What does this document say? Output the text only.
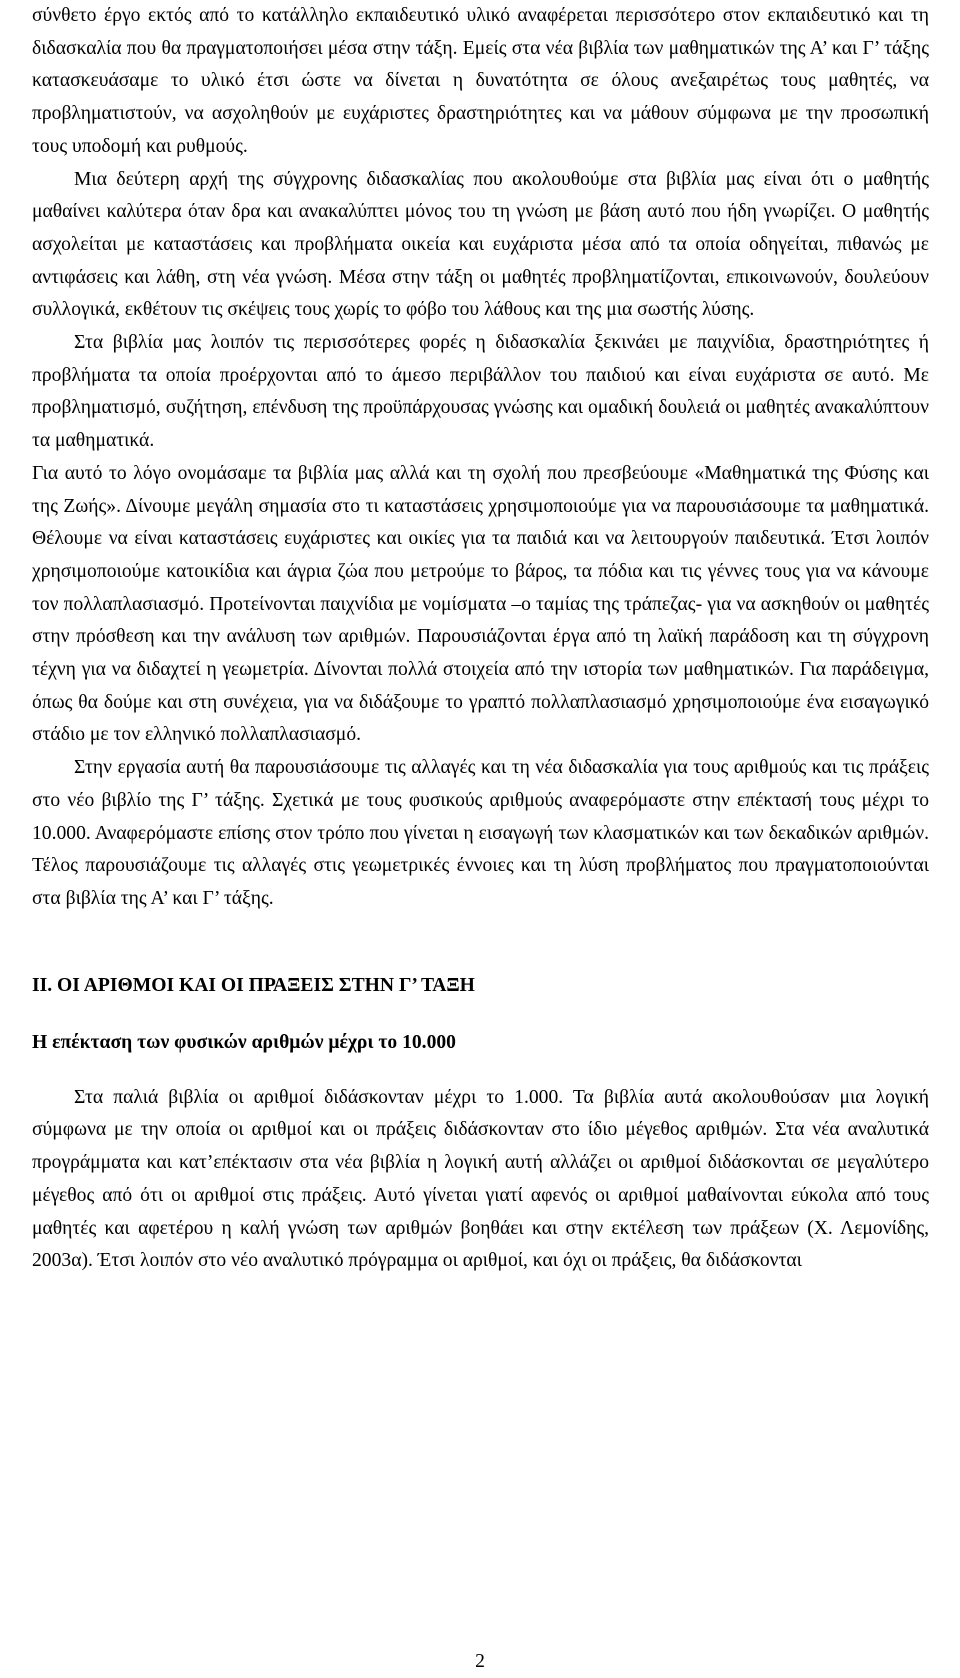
σύνθετο έργο εκτός από το κατάλληλο εκπαιδευτικό υλικό αναφέρεται περισσότερο στον εκπαιδευτικό και τη διδασκαλία που θα πραγματοποιήσει μέσα στην τάξη. Εμείς στα νέα βιβλία των μαθηματικών της Α’ και Γ’ τάξης κατασκευάσαμε το υλικό έτσι ώστε να δίνεται η δυνατότητα σε όλους ανεξαιρέτως τους μαθητές, να προβληματιστούν, να ασχοληθούν με ευχάριστες δραστηριότητες και να μάθουν σύμφωνα με την προσωπική τους υποδομή και ρυθμούς.

Μια δεύτερη αρχή της σύγχρονης διδασκαλίας που ακολουθούμε στα βιβλία μας είναι ότι ο μαθητής μαθαίνει καλύτερα όταν δρα και ανακαλύπτει μόνος του τη γνώση με βάση αυτό που ήδη γνωρίζει. Ο μαθητής ασχολείται με καταστάσεις και προβλήματα οικεία και ευχάριστα μέσα από τα οποία οδηγείται, πιθανώς με αντιφάσεις και λάθη, στη νέα γνώση. Μέσα στην τάξη οι μαθητές προβληματίζονται, επικοινωνούν, δουλεύουν συλλογικά, εκθέτουν τις σκέψεις τους χωρίς το φόβο του λάθους και της μια σωστής λύσης.

Στα βιβλία μας λοιπόν τις περισσότερες φορές η διδασκαλία ξεκινάει με παιχνίδια, δραστηριότητες ή προβλήματα τα οποία προέρχονται από το άμεσο περιβάλλον του παιδιού και είναι ευχάριστα σε αυτό. Με προβληματισμό, συζήτηση, επένδυση της προϋπάρχουσας γνώσης και ομαδική δουλειά οι μαθητές ανακαλύπτουν τα μαθηματικά.

Για αυτό το λόγο ονομάσαμε τα βιβλία μας αλλά και τη σχολή που πρεσβεύουμε «Μαθηματικά της Φύσης και της Ζωής». Δίνουμε μεγάλη σημασία στο τι καταστάσεις χρησιμοποιούμε για να παρουσιάσουμε τα μαθηματικά. Θέλουμε να είναι καταστάσεις ευχάριστες και οικίες για τα παιδιά και να λειτουργούν παιδευτικά. Έτσι λοιπόν χρησιμοποιούμε κατοικίδια και άγρια ζώα που μετρούμε το βάρος, τα πόδια και τις γέννες τους για να κάνουμε τον πολλαπλασιασμό. Προτείνονται παιχνίδια με νομίσματα –ο ταμίας της τράπεζας- για να ασκηθούν οι μαθητές στην πρόσθεση και την ανάλυση των αριθμών. Παρουσιάζονται έργα από τη λαϊκή παράδοση και τη σύγχρονη τέχνη για να διδαχτεί η γεωμετρία. Δίνονται πολλά στοιχεία από την ιστορία των μαθηματικών. Για παράδειγμα, όπως θα δούμε και στη συνέχεια, για να διδάξουμε το γραπτό πολλαπλασιασμό χρησιμοποιούμε ένα εισαγωγικό στάδιο με τον ελληνικό πολλαπλασιασμό.

Στην εργασία αυτή θα παρουσιάσουμε τις αλλαγές και τη νέα διδασκαλία για τους αριθμούς και τις πράξεις στο νέο βιβλίο της Γ’ τάξης. Σχετικά με τους φυσικούς αριθμούς αναφερόμαστε στην επέκτασή τους μέχρι το 10.000. Αναφερόμαστε επίσης στον τρόπο που γίνεται η εισαγωγή των κλασματικών και των δεκαδικών αριθμών. Τέλος παρουσιάζουμε τις αλλαγές στις γεωμετρικές έννοιες και τη λύση προβλήματος που πραγματοποιούνται στα βιβλία της Α’ και Γ’ τάξης.

ΙΙ. ΟΙ ΑΡΙΘΜΟΙ ΚΑΙ ΟΙ ΠΡΑΞΕΙΣ ΣΤΗΝ Γ’ ΤΑΞΗ
Η επέκταση των φυσικών αριθμών μέχρι το 10.000

Στα παλιά βιβλία οι αριθμοί διδάσκονταν μέχρι το 1.000. Τα βιβλία αυτά ακολουθούσαν μια λογική σύμφωνα με την οποία οι αριθμοί και οι πράξεις διδάσκονταν στο ίδιο μέγεθος αριθμών. Στα νέα αναλυτικά προγράμματα και κατ’επέκτασιν στα νέα βιβλία η λογική αυτή αλλάζει οι αριθμοί διδάσκονται σε μεγαλύτερο μέγεθος από ότι οι αριθμοί στις πράξεις. Αυτό γίνεται γιατί αφενός οι αριθμοί μαθαίνονται εύκολα από τους μαθητές και αφετέρου η καλή γνώση των αριθμών βοηθάει και στην εκτέλεση των πράξεων (Χ. Λεμονίδης, 2003α). Έτσι λοιπόν στο νέο αναλυτικό πρόγραμμα οι αριθμοί, και όχι οι πράξεις, θα διδάσκονται

2
